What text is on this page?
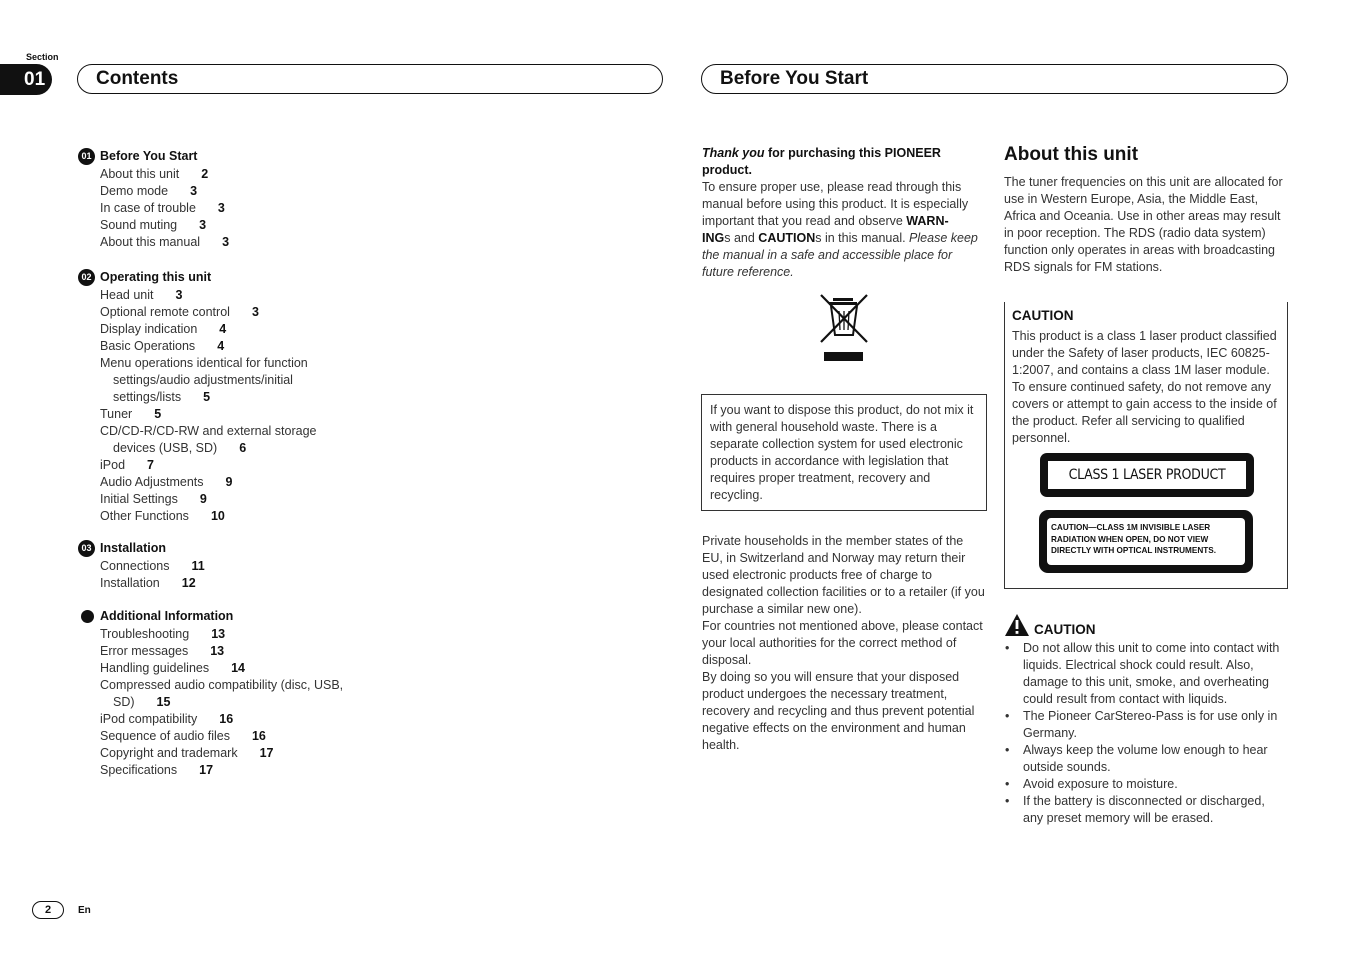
Section
01	Contents	Before You Start
01 Before You Start
About this unit 2
Demo mode 3
In case of trouble 3
Sound muting 3
About this manual 3
02 Operating this unit
Head unit 3
Optional remote control 3
Display indication 4
Basic Operations 4
Menu operations identical for function
settings/audio adjustments/initial
settings/lists 5
Tuner 5
CD/CD-R/CD-RW and external storage
devices (USB, SD) 6
iPod 7
Audio Adjustments 9
Initial Settings 9
Other Functions 10
03 Installation
Connections 11
Installation 12
Additional Information
Troubleshooting 13
Error messages 13
Handling guidelines 14
Compressed audio compatibility (disc, USB,
SD) 15
iPod compatibility 16
Sequence of audio files 16
Copyright and trademark 17
Specifications 17
Thank you for purchasing this PIONEER
product.
To ensure proper use, please read through this manual before using this product. It is especially important that you read and observe WARN-
INGs and CAUTIONs in this manual. Please keep the manual in a safe and accessible place for future reference.
If you want to dispose this product, do not mix it with general household waste. There is a separate collection system for used electronic products in accordance with legislation that requires proper treatment, recovery and recycling.
Private households in the member states of the EU, in Switzerland and Norway may return their used electronic products free of charge to designated collection facilities or to a retailer (if you purchase a similar new one).
For countries not mentioned above, please contact your local authorities for the correct method of disposal.
By doing so you will ensure that your disposed product undergoes the necessary treatment, recovery and recycling and thus prevent potential negative effects on the environment and human health.
About this unit
The tuner frequencies on this unit are allocated for use in Western Europe, Asia, the Middle East, Africa and Oceania. Use in other areas may result in poor reception. The RDS (radio data system) function only operates in areas with broadcasting RDS signals for FM stations.
CAUTION
This product is a class 1 laser product classified under the Safety of laser products, IEC 60825-1:2007, and contains a class 1M laser module. To ensure continued safety, do not remove any covers or attempt to gain access to the inside of the product. Refer all servicing to qualified personnel.
CLASS 1 LASER PRODUCT
CAUTION—CLASS 1M INVISIBLE LASER RADIATION WHEN OPEN, DO NOT VIEW DIRECTLY WITH OPTICAL INSTRUMENTS.
CAUTION
• Do not allow this unit to come into contact with liquids. Electrical shock could result. Also, damage to this unit, smoke, and overheating could result from contact with liquids.
• The Pioneer CarStereo-Pass is for use only in Germany.
• Always keep the volume low enough to hear outside sounds.
• Avoid exposure to moisture.
• If the battery is disconnected or discharged, any preset memory will be erased.
2	En
